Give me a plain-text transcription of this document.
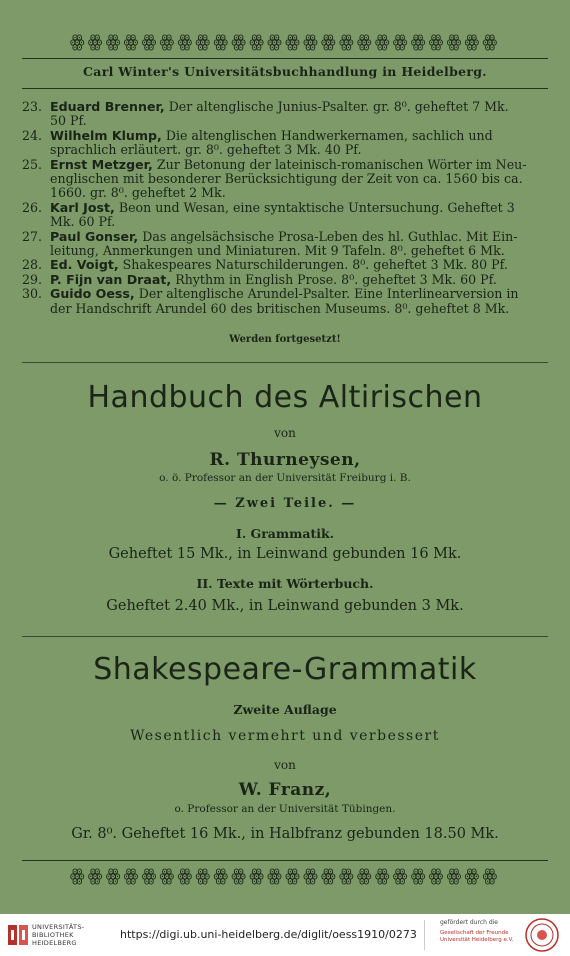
ꙮꙮꙮꙮꙮꙮꙮꙮꙮꙮꙮꙮꙮꙮꙮꙮꙮꙮꙮꙮꙮꙮꙮꙮ
Carl Winter's Universitätsbuchhandlung in Heidelberg.
23. Eduard Brenner, Der altenglische Junius-Psalter. gr. 8⁰. geheftet 7 Mk. 50 Pf.
24. Wilhelm Klump, Die altenglischen Handwerkernamen, sachlich und sprachlich erläutert. gr. 8⁰. geheftet 3 Mk. 40 Pf.
25. Ernst Metzger, Zur Betonung der lateinisch-romanischen Wörter im Neu-englischen mit besonderer Berücksichtigung der Zeit von ca. 1560 bis ca. 1660. gr. 8⁰. geheftet 2 Mk.
26. Karl Jost, Beon und Wesan, eine syntaktische Untersuchung. Geheftet 3 Mk. 60 Pf.
27. Paul Gonser, Das angelsächsische Prosa-Leben des hl. Guthlac. Mit Ein-leitung, Anmerkungen und Miniaturen. Mit 9 Tafeln. 8⁰. geheftet 6 Mk.
28. Ed. Voigt, Shakespeares Naturschilderungen. 8⁰. geheftet 3 Mk. 80 Pf.
29. P. Fijn van Draat, Rhythm in English Prose. 8⁰. geheftet 3 Mk. 60 Pf.
30. Guido Oess, Der altenglische Arundel-Psalter. Eine Interlinearversion in der Handschrift Arundel 60 des britischen Museums. 8⁰. geheftet 8 Mk.
Werden fortgesetzt!
Handbuch des Altirischen
von
R. Thurneysen,
o. ö. Professor an der Universität Freiburg i. B.
— Zwei Teile. —
I. Grammatik.
Geheftet 15 Mk., in Leinwand gebunden 16 Mk.
II. Texte mit Wörterbuch.
Geheftet 2.40 Mk., in Leinwand gebunden 3 Mk.
Shakespeare-Grammatik
Zweite Auflage
Wesentlich vermehrt und verbessert
von
W. Franz,
o. Professor an der Universität Tübingen.
Gr. 8⁰. Geheftet 16 Mk., in Halbfranz gebunden 18.50 Mk.
ꙮꙮꙮꙮꙮꙮꙮꙮꙮꙮꙮꙮꙮꙮꙮꙮꙮꙮꙮꙮꙮꙮꙮꙮ
UNIVERSITÄTS-
BIBLIOTHEK
HEIDELBERG
https://digi.ub.uni-heidelberg.de/diglit/oess1910/0273
gefördert durch die
Gesellschaft der Freunde
Universität Heidelberg e.V.
